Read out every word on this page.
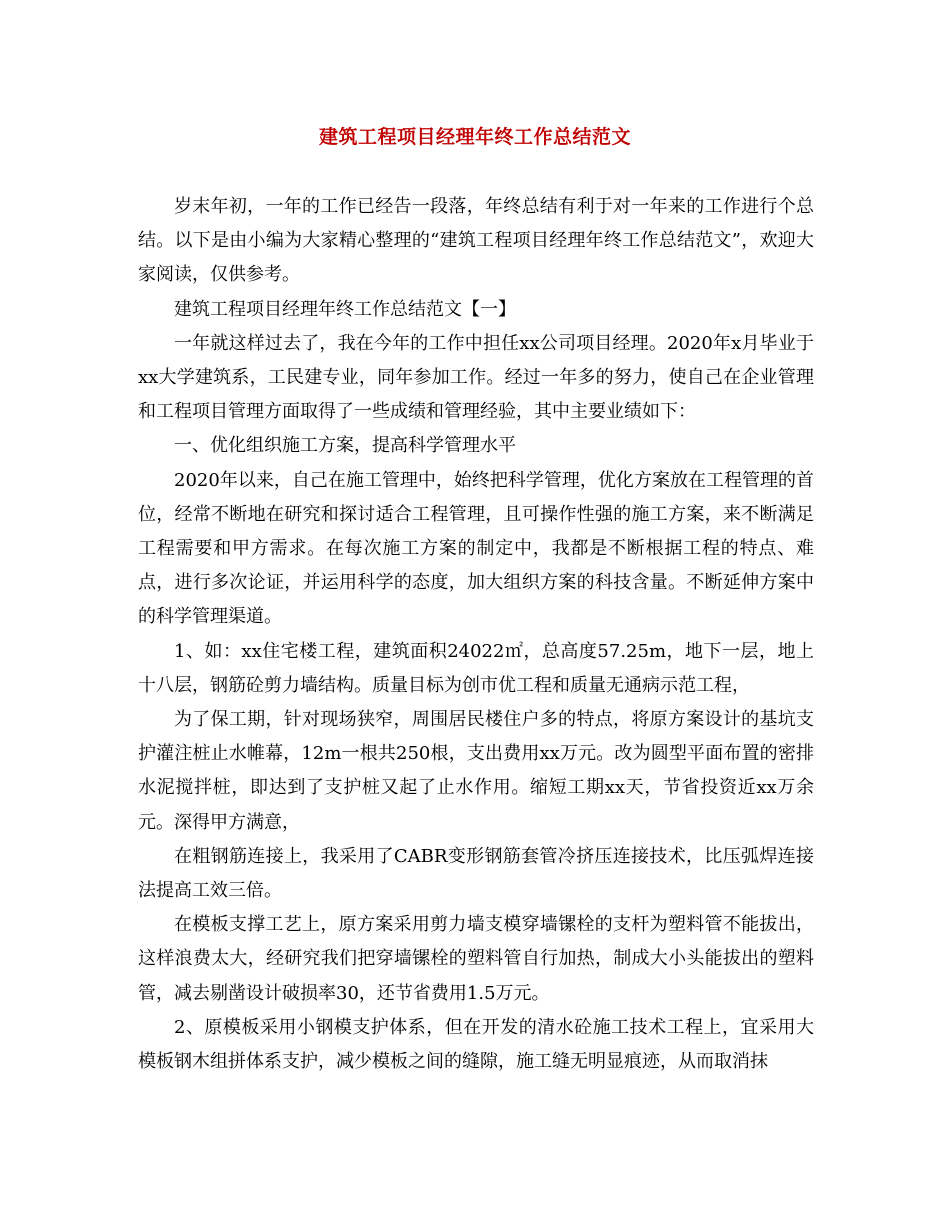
建筑工程项目经理年终工作总结范文

岁末年初，一年的工作已经告一段落，年终总结有利于对一年来的工作进行个总结。以下是由小编为大家精心整理的“建筑工程项目经理年终工作总结范文”，欢迎大家阅读，仅供参考。

建筑工程项目经理年终工作总结范文【一】

一年就这样过去了，我在今年的工作中担任xx公司项目经理。2020年x月毕业于xx大学建筑系，工民建专业，同年参加工作。经过一年多的努力，使自己在企业管理和工程项目管理方面取得了一些成绩和管理经验，其中主要业绩如下：

一、优化组织施工方案，提高科学管理水平

2020年以来，自己在施工管理中，始终把科学管理，优化方案放在工程管理的首位，经常不断地在研究和探讨适合工程管理，且可操作性强的施工方案，来不断满足工程需要和甲方需求。在每次施工方案的制定中，我都是不断根据工程的特点、难点，进行多次论证，并运用科学的态度，加大组织方案的科技含量。不断延伸方案中的科学管理渠道。

1、如：xx住宅楼工程，建筑面积24022㎡，总高度57.25m，地下一层，地上十八层，钢筋砼剪力墙结构。质量目标为创市优工程和质量无通病示范工程，

为了保工期，针对现场狭窄，周围居民楼住户多的特点，将原方案设计的基坑支护灌注桩止水帷幕，12m一根共250根，支出费用xx万元。改为圆型平面布置的密排水泥搅拌桩，即达到了支护桩又起了止水作用。缩短工期xx天，节省投资近xx万余元。深得甲方满意，

在粗钢筋连接上，我采用了CABR变形钢筋套管冷挤压连接技术，比压弧焊连接法提高工效三倍。

在模板支撑工艺上，原方案采用剪力墙支模穿墙镙栓的支杆为塑料管不能拔出，这样浪费太大，经研究我们把穿墙镙栓的塑料管自行加热，制成大小头能拔出的塑料管，减去剔凿设计破损率30，还节省费用1.5万元。

2、原模板采用小钢模支护体系，但在开发的清水砼施工技术工程上，宜采用大模板钢木组拼体系支护，减少模板之间的缝隙，施工缝无明显痕迹，从而取消抹
